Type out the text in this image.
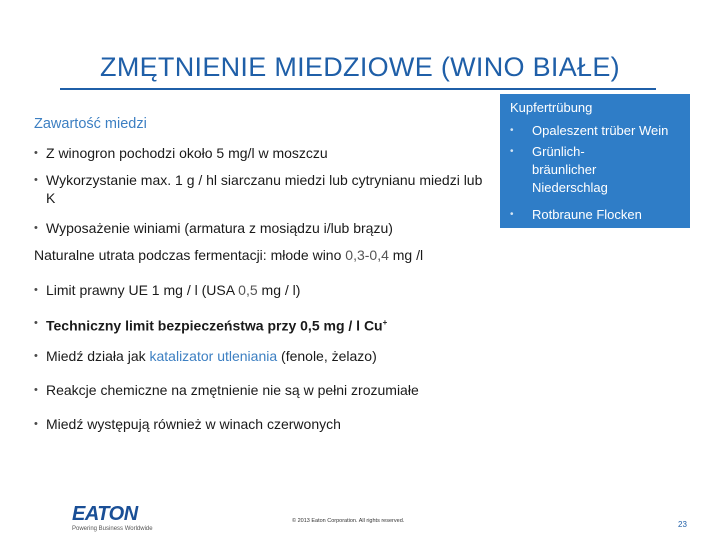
ZMĘTNIENIE MIEDZIOWE (WINO BIAŁE)
Zawartość miedzi
• Z winogron pochodzi około 5 mg/l w moszczu
• Wykorzystanie max. 1 g / hl siarczanu miedzi lub cytrynianu miedzi lub K
• Wyposażenie winiami (armatura z mosiądzu i/lub brązu)
Naturalne utrata podczas fermentacji: młode wino 0,3-0,4 mg /l
• Limit prawny UE 1 mg / l (USA 0,5 mg / l)
• Techniczny limit bezpieczeństwa przy 0,5 mg / l Cu+
• Miedź działa jak katalizator utleniania (fenole, żelazo)
• Reakcje chemiczne na zmętnienie nie są w pełni zrozumiałe
• Miedź występują również w winach czerwonych
Kupfertrübung
•	Opaleszent trüber Wein
•	Grünlich-bräunlicher Niederschlag
•	Rotbraune Flocken
EATON
Powering Business Worldwide
© 2013 Eaton Corporation. All rights reserved.	23
